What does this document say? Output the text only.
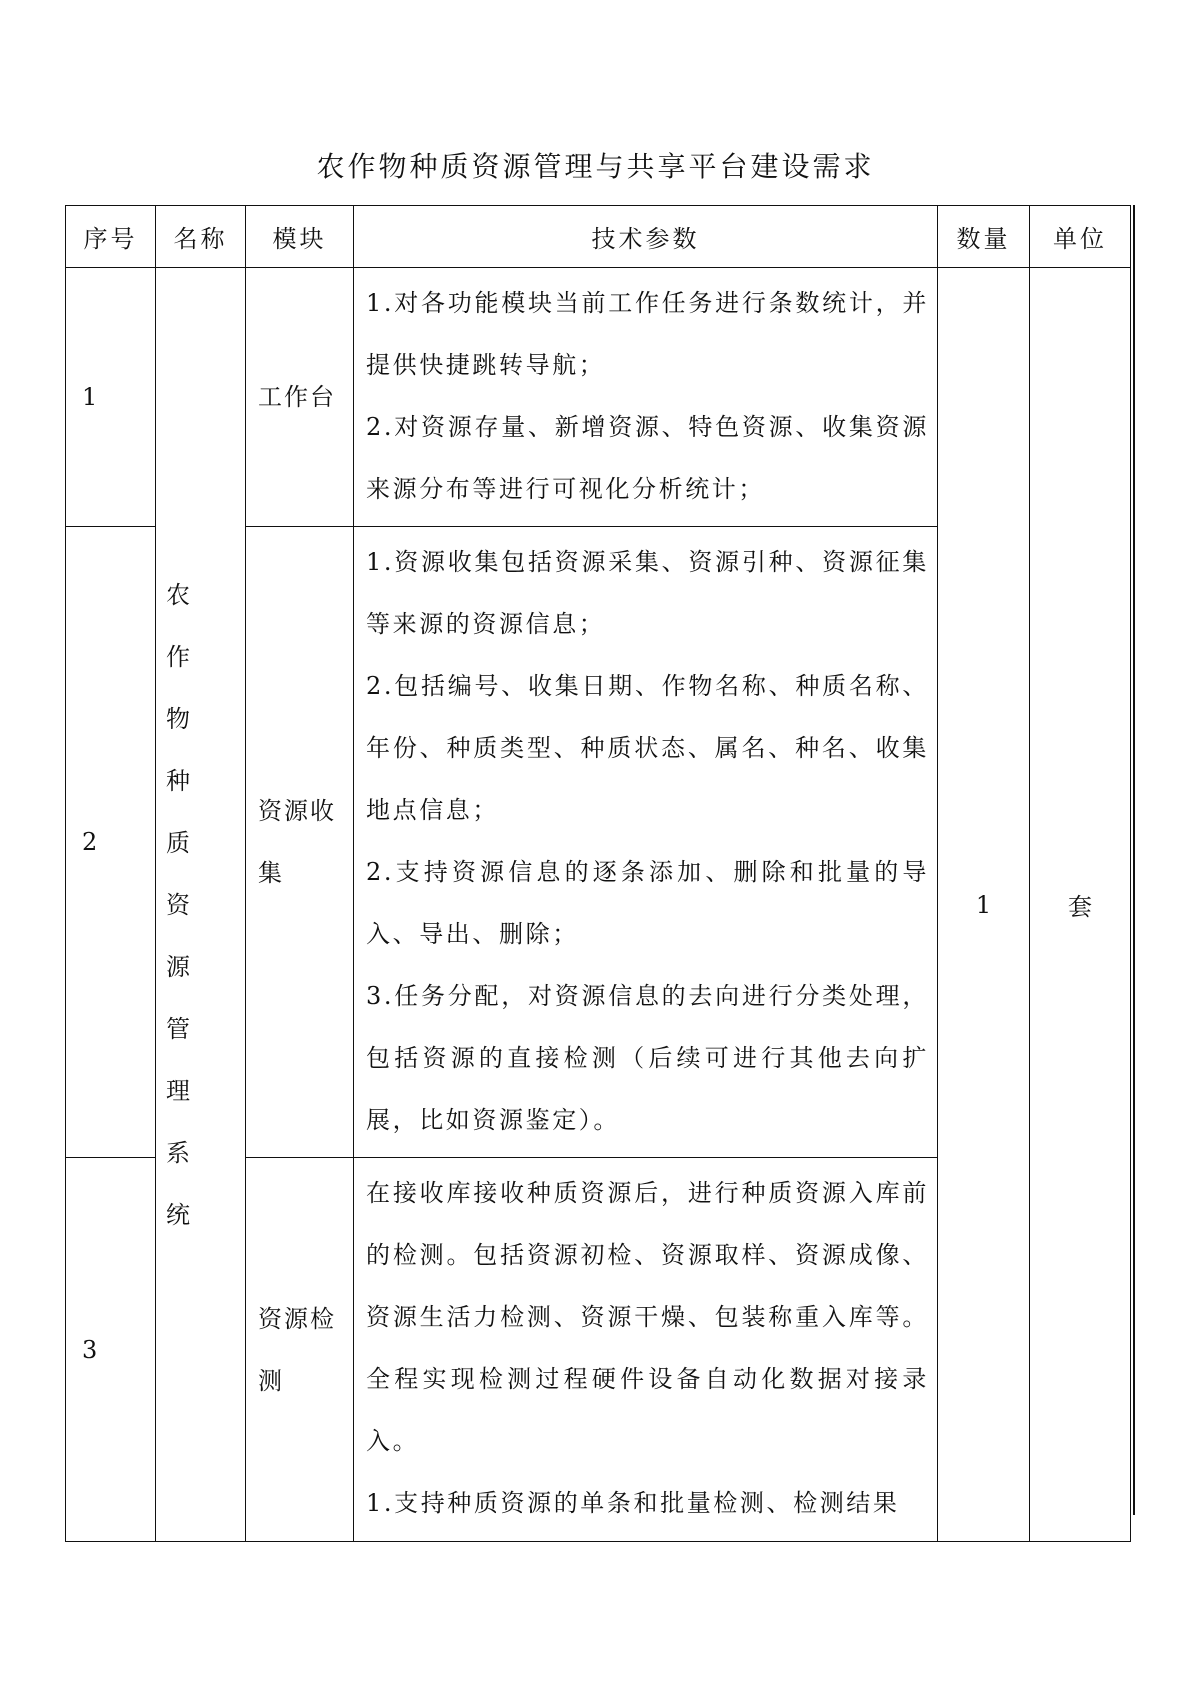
农作物种质资源管理与共享平台建设需求
序号	名称	模块	技术参数	数量	单位
1	农作物种质资源管理系统	工作台	1.对各功能模块当前工作任务进行条数统计，并提供快捷跳转导航；

2.对资源存量、新增资源、特色资源、收集资源来源分布等进行可视化分析统计；	1	套
2		资源收集	1.资源收集包括资源采集、资源引种、资源征集等来源的资源信息；

2.包括编号、收集日期、作物名称、种质名称、年份、种质类型、种质状态、属名、种名、收集地点信息；

2.支持资源信息的逐条添加、删除和批量的导入、导出、删除；

3.任务分配，对资源信息的去向进行分类处理，包括资源的直接检测（后续可进行其他去向扩展，比如资源鉴定）。		

3		资源检测	在接收库接收种质资源后，进行种质资源入库前的检测。包括资源初检、资源取样、资源成像、资源生活力检测、资源干燥、包装称重入库等。全程实现检测过程硬件设备自动化数据对接录入。

1.支持种质资源的单条和批量检测、检测结果		
